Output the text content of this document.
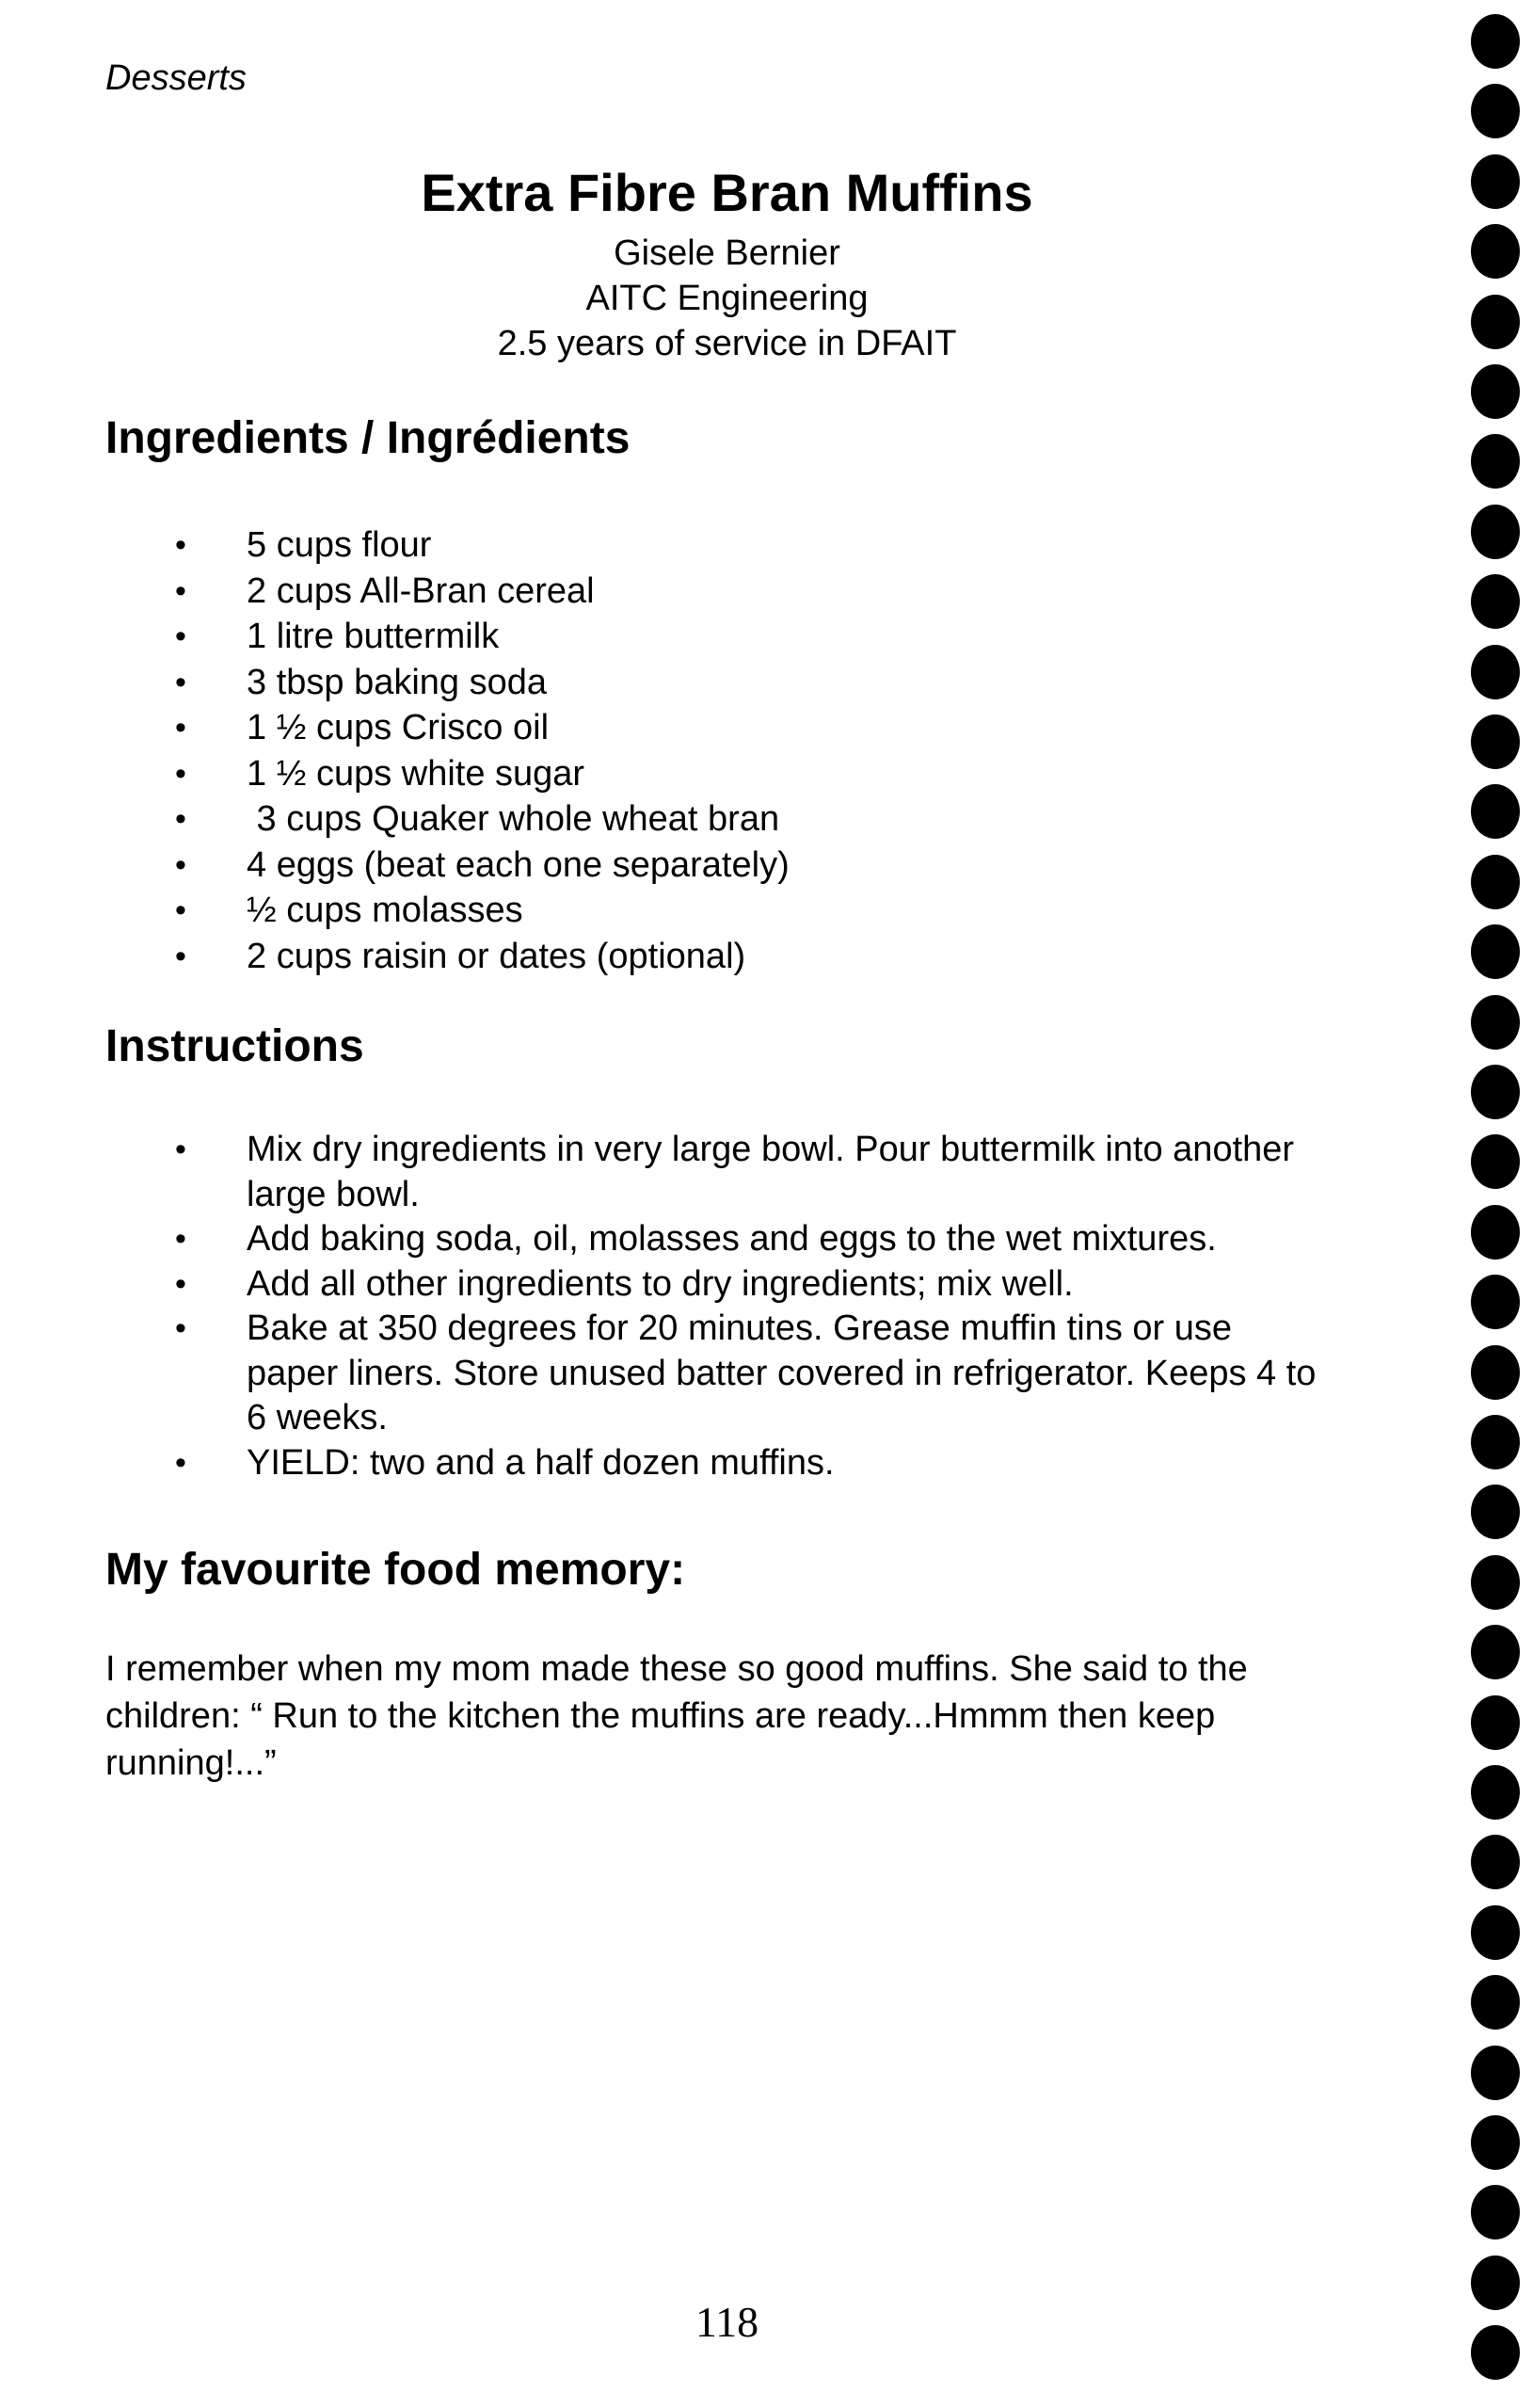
Desserts
Extra Fibre Bran Muffins
Gisele Bernier
AITC Engineering
2.5 years of service in DFAIT
Ingredients / Ingrédients
• 5 cups flour
• 2 cups All-Bran cereal
• 1 litre buttermilk
• 3 tbsp baking soda
• 1 ½ cups Crisco oil
• 1 ½ cups white sugar
• 3 cups Quaker whole wheat bran
• 4 eggs (beat each one separately)
• ½ cups molasses
• 2 cups raisin or dates (optional)
Instructions
• Mix dry ingredients in very large bowl. Pour buttermilk into another large bowl.
• Add baking soda, oil, molasses and eggs to the wet mixtures.
• Add all other ingredients to dry ingredients; mix well.
• Bake at 350 degrees for 20 minutes. Grease muffin tins or use paper liners. Store unused batter covered in refrigerator. Keeps 4 to 6 weeks.
• YIELD: two and a half dozen muffins.
My favourite food memory:
I remember when my mom made these so good muffins. She said to the children: “ Run to the kitchen the muffins are ready...Hmmm then keep running!...”
118
